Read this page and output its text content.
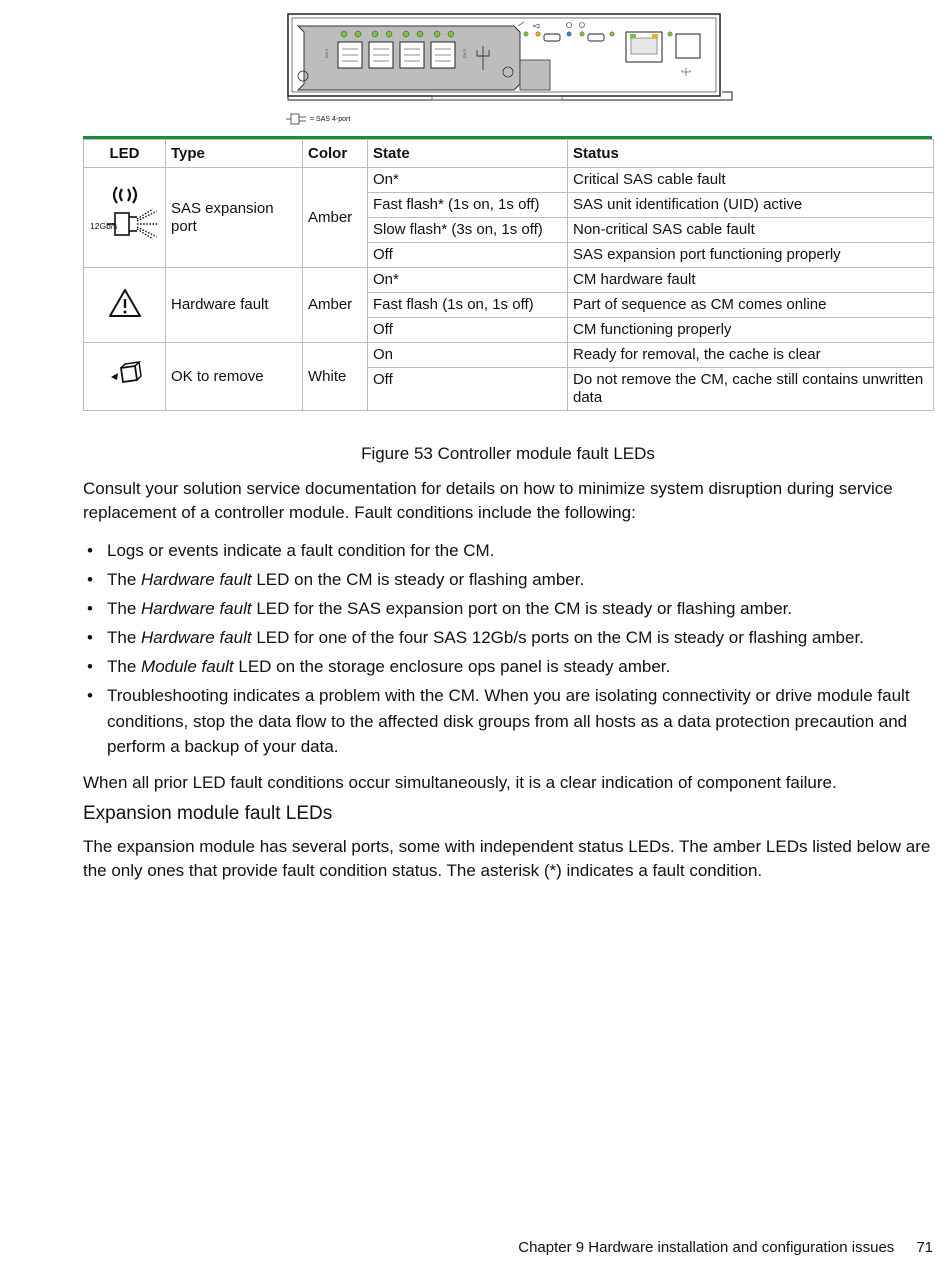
CH 1	CH 2
= SAS 4-port
LED	Type	Color	State	Status

12Gb/s	SAS expansion port	Amber	On*	Critical SAS cable fault
			Fast flash* (1s on, 1s off)	SAS unit identification (UID) active
			Slow flash* (3s on, 1s off)	Non-critical SAS cable fault
			Off	SAS expansion port functioning properly
	Hardware fault	Amber	On*	CM hardware fault
			Fast flash (1s on, 1s off)	Part of sequence as CM comes online
			Off	CM functioning properly
	OK to remove	White	On	Ready for removal, the cache is clear
			Off	Do not remove the CM, cache still contains unwritten data
Figure 53 Controller module fault LEDs

Consult your solution service documentation for details on how to minimize system disruption during service replacement of a controller module. Fault conditions include the following:

• Logs or events indicate a fault condition for the CM.
• The Hardware fault LED on the CM is steady or flashing amber.
• The Hardware fault LED for the SAS expansion port on the CM is steady or flashing amber.
• The Hardware fault LED for one of the four SAS 12Gb/s ports on the CM is steady or flashing amber.
• The Module fault LED on the storage enclosure ops panel is steady amber.
• Troubleshooting indicates a problem with the CM. When you are isolating connectivity or drive module fault conditions, stop the data flow to the affected disk groups from all hosts as a data protection precaution and perform a backup of your data.

When all prior LED fault conditions occur simultaneously, it is a clear indication of component failure.

Expansion module fault LEDs

The expansion module has several ports, some with independent status LEDs. The amber LEDs listed below are the only ones that provide fault condition status. The asterisk (*) indicates a fault condition.

Chapter 9 Hardware installation and configuration issues 71
